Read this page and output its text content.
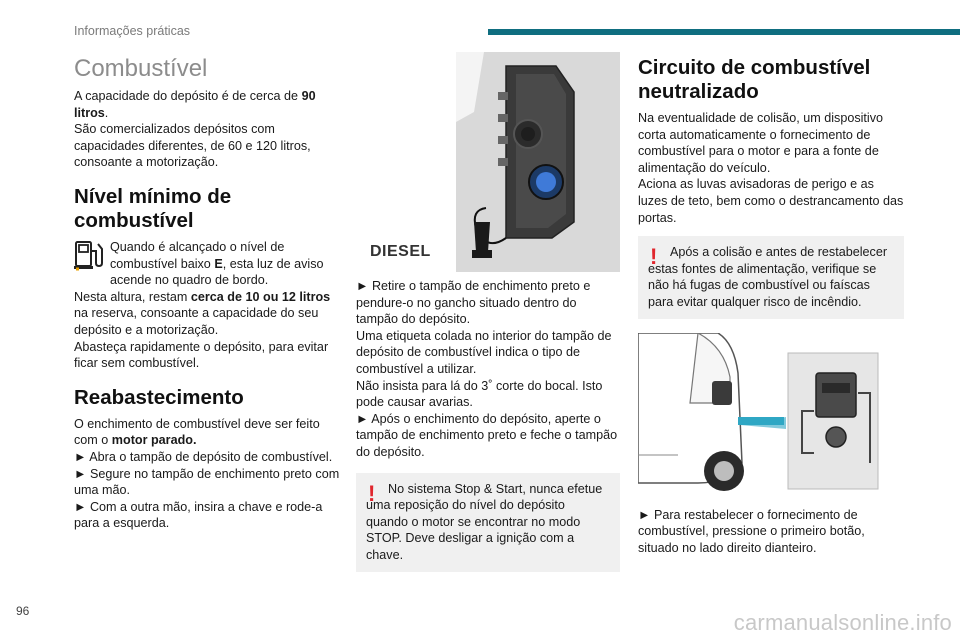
Informações práticas
Combustível

A capacidade do depósito é de cerca de 90 litros.

São comercializados depósitos com capacidades diferentes, de 60 e 120 litros, consoante a motorização.

Nível mínimo de combustível
Quando é alcançado o nível de combustível baixo E, esta luz de aviso acende no quadro de bordo.

Nesta altura, restam cerca de 10 ou 12 litros na reserva, consoante a capacidade do seu depósito e a motorização.

Abasteça rapidamente o depósito, para evitar ficar sem combustível.

Reabastecimento

O enchimento de combustível deve ser feito com o motor parado.

► Abra o tampão de depósito de combustível.

► Segure no tampão de enchimento preto com uma mão.

► Com a outra mão, insira a chave e rode-a para a esquerda.

DIESEL

► Retire o tampão de enchimento preto e pendure-o no gancho situado dentro do tampão do depósito.

Uma etiqueta colada no interior do tampão de depósito de combustível indica o tipo de combustível a utilizar.

Não insista para lá do 3˚ corte do bocal. Isto pode causar avarias.

► Após o enchimento do depósito, aperte o tampão de enchimento preto e feche o tampão do depósito.

! No sistema Stop & Start, nunca efetue uma reposição do nível do depósito quando o motor se encontrar no modo STOP. Deve desligar a ignição com a chave.
Circuito de combustível neutralizado

Na eventualidade de colisão, um dispositivo corta automaticamente o fornecimento de combustível para o motor e para a fonte de alimentação do veículo.

Aciona as luvas avisadoras de perigo e as luzes de teto, bem como o destrancamento das portas.

! Após a colisão e antes de restabelecer estas fontes de alimentação, verifique se não há fugas de combustível ou faíscas para evitar qualquer risco de incêndio.

► Para restabelecer o fornecimento de combustível, pressione o primeiro botão, situado no lado direito dianteiro.

96	carmanualsonline.info
